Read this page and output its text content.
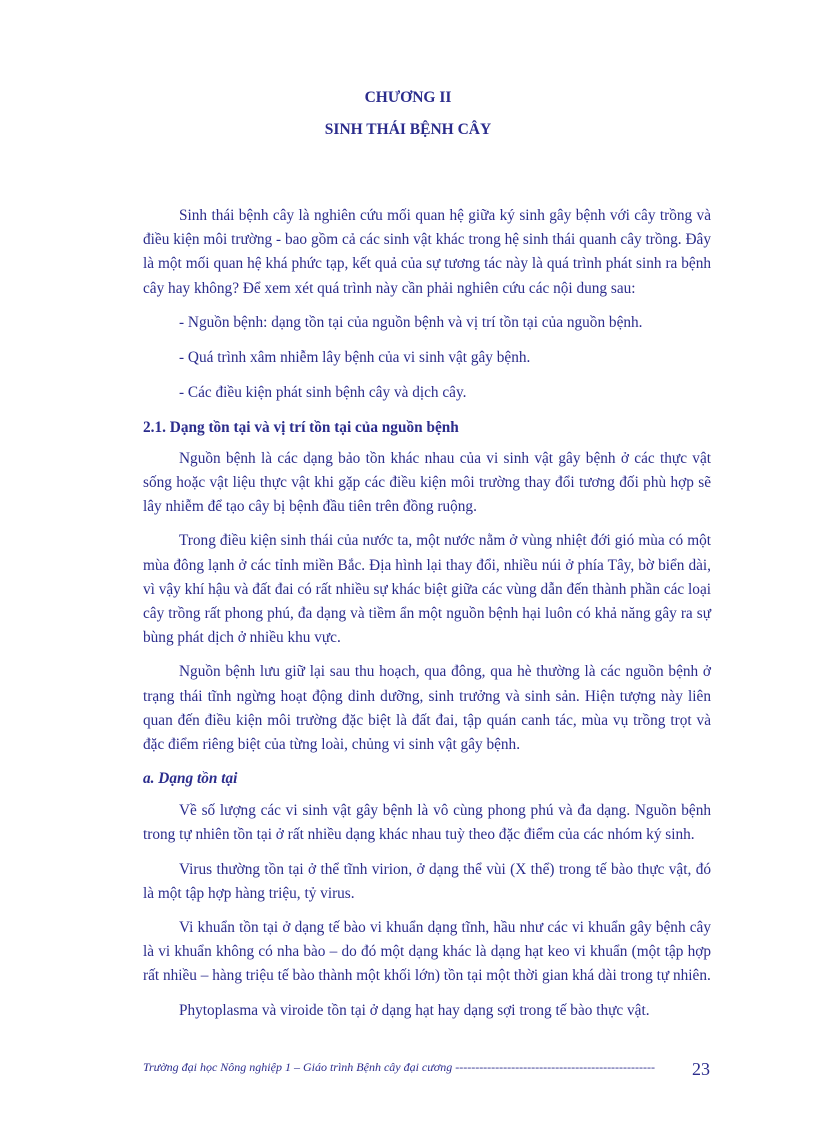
CHƯƠNG II

SINH THÁI BỆNH CÂY

Sinh thái bệnh cây là nghiên cứu mối quan hệ giữa ký sinh gây bệnh với cây trồng và điều kiện môi trường - bao gồm cả các sinh vật khác trong hệ sinh thái quanh cây trồng. Đây là một mối quan hệ khá phức tạp, kết quả của sự tương tác này là quá trình phát sinh ra bệnh cây hay không? Để xem xét quá trình này cần phải nghiên cứu các nội dung sau:

- Nguồn bệnh: dạng tồn tại của nguồn bệnh và vị trí tồn tại của nguồn bệnh.

- Quá trình xâm nhiễm lây bệnh của vi sinh vật gây bệnh.

- Các điều kiện phát sinh bệnh cây và dịch cây.

2.1. Dạng tồn tại và vị trí tồn tại của nguồn bệnh

Nguồn bệnh là các dạng bảo tồn khác nhau của vi sinh vật gây bệnh ở các thực vật sống hoặc vật liệu thực vật khi gặp các điều kiện môi trường thay đổi tương đối phù hợp sẽ lây nhiễm để tạo cây bị bệnh đầu tiên trên đồng ruộng.

Trong điều kiện sinh thái của nước ta, một nước nằm ở vùng nhiệt đới gió mùa có một mùa đông lạnh ở các tỉnh miền Bắc. Địa hình lại thay đổi, nhiều núi ở phía Tây, bờ biển dài, vì vậy khí hậu và đất đai có rất nhiều sự khác biệt giữa các vùng dẫn đến thành phần các loại cây trồng rất phong phú, đa dạng và tiềm ẩn một nguồn bệnh hại luôn có khả năng gây ra sự bùng phát dịch ở nhiều khu vực.

Nguồn bệnh lưu giữ lại sau thu hoạch, qua đông, qua hè thường là các nguồn bệnh ở trạng thái tĩnh ngừng hoạt động dinh dưỡng, sinh trưởng và sinh sản. Hiện tượng này liên quan đến điều kiện môi trường đặc biệt là đất đai, tập quán canh tác, mùa vụ trồng trọt và đặc điểm riêng biệt của từng loài, chủng vi sinh vật gây bệnh.

a. Dạng tồn tại

Về số lượng các vi sinh vật gây bệnh là vô cùng phong phú và đa dạng. Nguồn bệnh trong tự nhiên tồn tại ở rất nhiều dạng khác nhau tuỳ theo đặc điểm của các nhóm ký sinh.

Virus thường tồn tại ở thể tĩnh virion, ở dạng thể vùi (X thể) trong tế bào thực vật, đó là một tập hợp hàng triệu, tỷ virus.

Vi khuẩn tồn tại ở dạng tế bào vi khuẩn dạng tĩnh, hầu như các vi khuẩn gây bệnh cây là vi khuẩn không có nha bào – do đó một dạng khác là dạng hạt keo vi khuẩn (một tập hợp rất nhiều – hàng triệu tế bào thành một khối lớn) tồn tại một thời gian khá dài trong tự nhiên.

Phytoplasma và viroide tồn tại ở dạng hạt hay dạng sợi trong tế bào thực vật.

Trường đại học Nông nghiệp 1 – Giáo trình Bệnh cây đại cương -------------------------------------------------- 23
